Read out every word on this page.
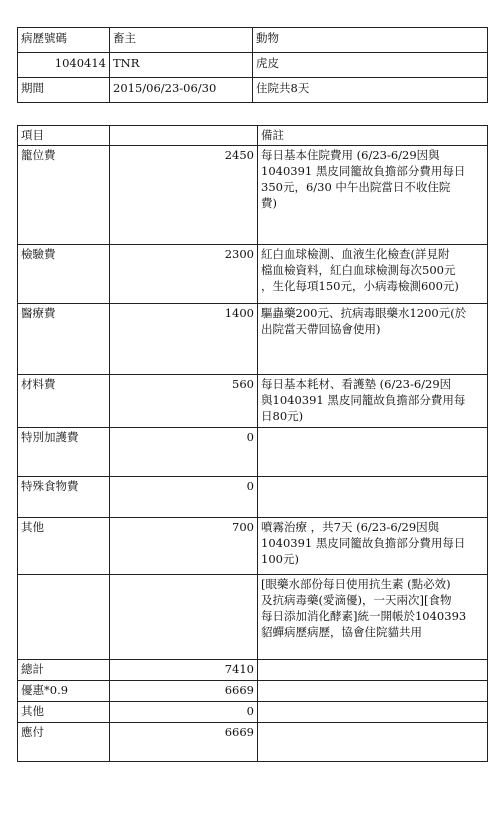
病歷號碼	畜主	動物
1040414	TNR	虎皮
期間	2015/06/23-06/30	住院共8天
項目		備註
籠位費	2450	每日基本住院費用 (6/23-6/29因與
1040391 黑皮同籠故負擔部分費用每日
350元，6/30 中午出院當日不收住院
費)
檢驗費	2300	紅白血球檢測、血液生化檢查(詳見附
檔血檢資料，紅白血球檢測每次500元
，生化每項150元，小病毒檢測600元)
醫療費	1400	驅蟲藥200元、抗病毒眼藥水1200元(於
出院當天帶回協會使用)
材料費	560	每日基本耗材、看護墊 (6/23-6/29因
與1040391 黑皮同籠故負擔部分費用每
日80元)
特別加護費	0	
特殊食物費	0	
其他	700	噴霧治療 ，共7天 (6/23-6/29因與
1040391 黑皮同籠故負擔部分費用每日
100元)
		[眼藥水部份每日使用抗生素 (點必效)
及抗病毒藥(愛滴優)，一天兩次][食物
每日添加消化酵素]統一開帳於1040393
貂蟬病歷病歷，協會住院貓共用
總計	7410	
優惠*0.9	6669	
其他	0	
應付	6669	
